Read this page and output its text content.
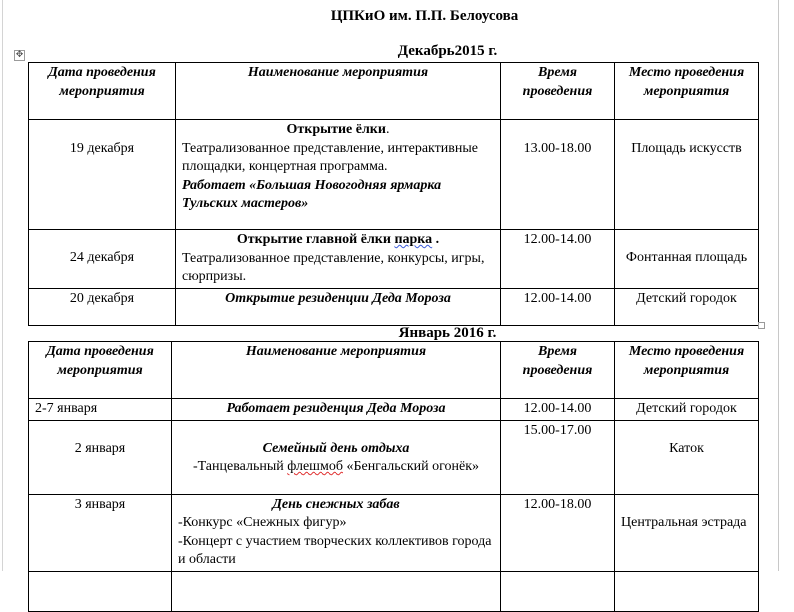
ЦПКиО им. П.П. Белоусова
✥	Декабрь2015 г.
Дата проведения мероприятия	Наименование мероприятия	Время проведения	Место проведения мероприятия
19 декабря	Открытие ёлки.
Театрализованное представление, интерактивные площадки, концертная программа.
Работает «Большая Новогодняя ярмарка Тульских мастеров»	13.00-18.00	Площадь искусств
24 декабря	Открытие главной ёлки парка .
Театрализованное представление, конкурсы, игры, сюрпризы.	12.00-14.00	Фонтанная площадь
20 декабря	Открытие резиденции Деда Мороза	12.00-14.00	Детский городок
Январь 2016 г.
Дата проведения мероприятия	Наименование мероприятия	Время проведения	Место проведения мероприятия
2-7 января	Работает резиденция Деда Мороза	12.00-14.00	Детский городок
2 января	Семейный день отдыха
-Танцевальный флешмоб «Бенгальский огонёк»	15.00-17.00	Каток
3 января	День снежных забав
-Конкурс «Снежных фигур»
-Концерт с участием творческих коллективов города и области	12.00-18.00	Центральная эстрада
